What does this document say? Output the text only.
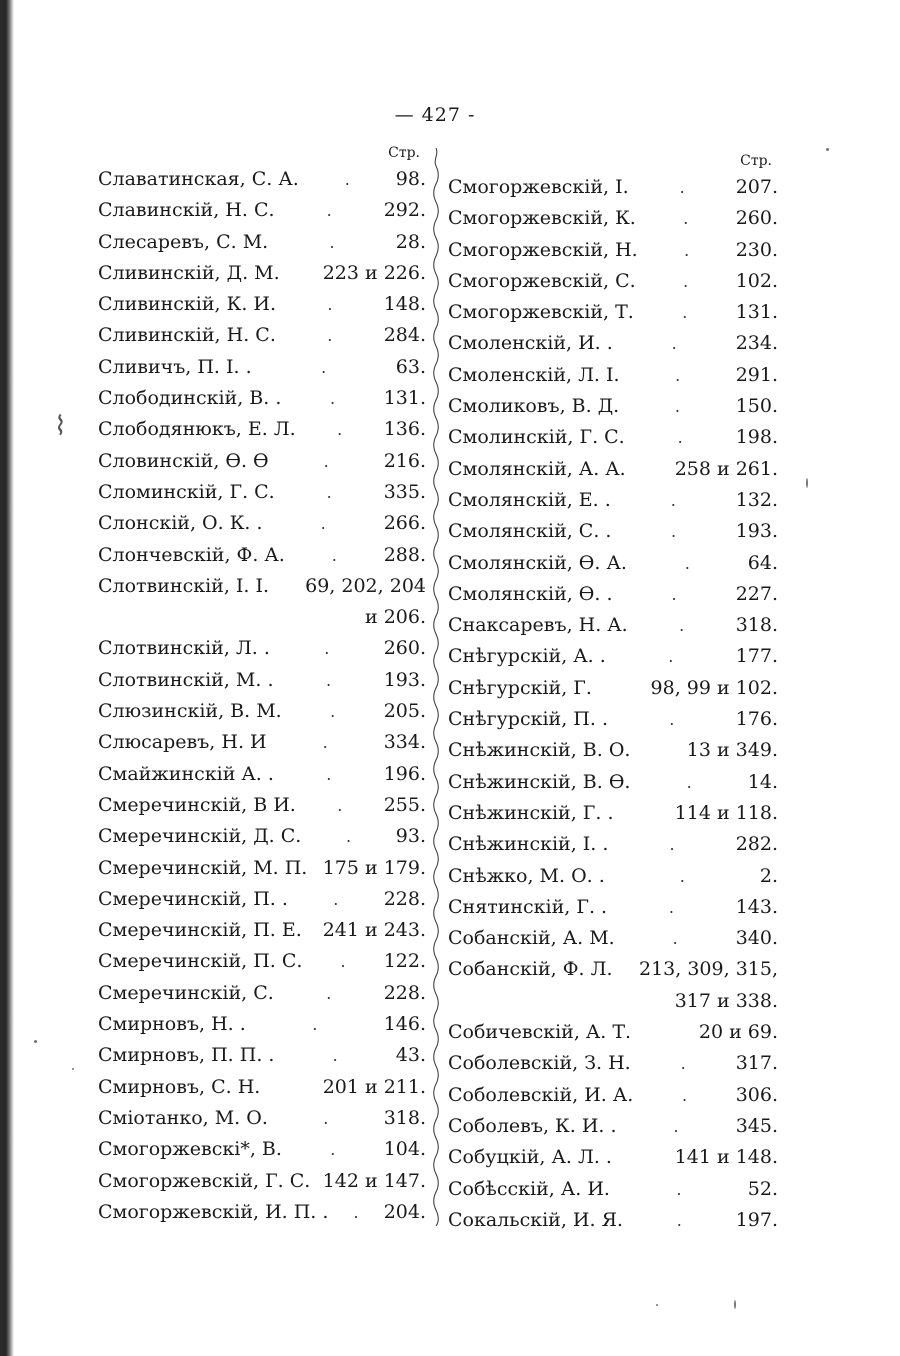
— 427 -
⌇
Стр.
Славатинская, С. А.	.	98.
Славинскій, Н. С.	.	292.
Слесаревъ, С. М.	.	28.
Сливинскій, Д. М. 223 и 226.
Сливинскій, К. И.	.	148.
Сливинскій, Н. С.	.	284.
Сливичъ, П. І. .	.	63.
Слободинскій, В. .	.	131.
Слободянюкъ, Е. Л.	.	136.
Словинскій, Ѳ. Ѳ	.	216.
Сломинскій, Г. С.	.	335.
Слонскій, О. К. .	.	266.
Слончевскій, Ф. А.	.	288.
Слотвинскій, І. І. 69, 202, 204
и 206.
Слотвинскій, Л. .	.	260.
Слотвинскій, М. .	.	193.
Слюзинскій, В. М.	.	205.
Слюсаревъ, Н. И	.	334.
Смайжинскій А. .	.	196.
Смеречинскій, В И.	.	255.
Смеречинскій, Д. С.	.	93.
Смеречинскій, М. П. 175 и 179.
Смеречинскій, П. .	.	228.
Смеречинскій, П. Е. 241 и 243.
Смеречинскій, П. С.	.	122.
Смеречинскій, С.	.	228.
Смирновъ, Н. .	.	146.
Смирновъ, П. П. .	.	43.
Смирновъ, С. Н.	201 и 211.
Сміотанко, М. О.	.	318.
Смогоржевскі*, В.	.	104.
Смогоржевскій, Г. С. 142 и 147.
Смогоржевскій, И. П. .	.	204.
Стр.
Смогоржевскій, І.	.	207.
Смогоржевскій, К.	.	260.
Смогоржевскій, Н.	.	230.
Смогоржевскій, С.	.	102.
Смогоржевскій, Т.	.	131.
Смоленскій, И. .	.	234.
Смоленскій, Л. І.	.	291.
Смоликовъ, В. Д.	.	150.
Смолинскій, Г. С.	.	198.
Смолянскій, А. А.	258 и 261.
Смолянскій, Е. .	.	132.
Смолянскій, С. .	.	193.
Смолянскій, Ѳ. А.	.	64.
Смолянскій, Ѳ. .	.	227.
Снаксаревъ, Н. А.	.	318.
Снѣгурскій, А. .	.	177.
Снѣгурскій, Г.	98, 99 и 102.
Снѣгурскій, П. .	.	176.
Снѣжинскій, В. О.	13 и 349.
Снѣжинскій, В. Ѳ.	.	14.
Снѣжинскій, Г. .	114 и 118.
Снѣжинскій, І. .	.	282.
Снѣжко, М. О. .	.	2.
Снятинскій, Г. .	.	143.
Собанскій, А. М.	.	340.
Собанскій, Ф. Л. 213, 309, 315,
317 и 338.
Собичевскій, А. Т.	20 и 69.
Соболевскій, З. Н.	.	317.
Соболевскій, И. А.	.	306.
Соболевъ, К. И. .	.	345.
Собуцкій, А. Л. .	141 и 148.
Собѣсскій, А. И.	.	52.
Сокальскій, И. Я.	.	197.
